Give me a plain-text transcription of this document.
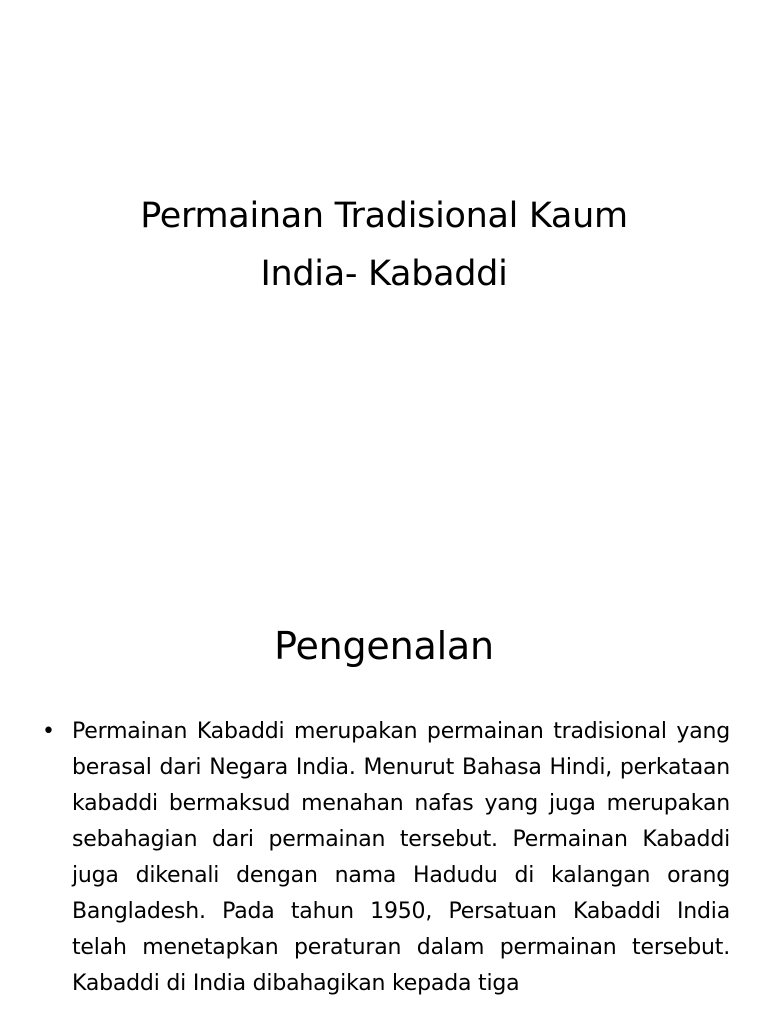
Permainan Tradisional Kaum
India- Kabaddi
Pengenalan
• Permainan Kabaddi merupakan permainan tradisional yang berasal dari Negara India. Menurut Bahasa Hindi, perkataan kabaddi bermaksud menahan nafas yang juga merupakan sebahagian dari permainan tersebut. Permainan Kabaddi juga dikenali dengan nama Hadudu di kalangan orang Bangladesh. Pada tahun 1950, Persatuan Kabaddi India telah menetapkan peraturan dalam permainan tersebut. Kabaddi di India dibahagikan kepada tiga
